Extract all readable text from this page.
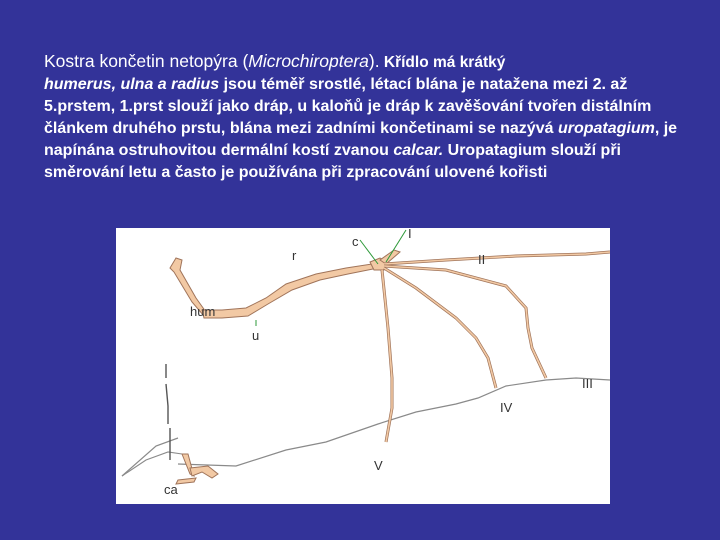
Kostra končetin netopýra (Microchiroptera). Křídlo má krátký
humerus, ulna a radius jsou téměř srostlé, létací blána je natažena mezi 2. až 5.prstem, 1.prst slouží jako dráp, u kaloňů je dráp k zavěšování tvořen distálním článkem druhého prstu, blána mezi zadními končetinami se nazývá uropatagium, je napínána ostruhovitou dermální kostí zvanou calcar. Uropatagium slouží při směrování letu a často je používána při zpracování ulovené kořisti
r
c
I
II
hum
u
III
IV
V
ca
